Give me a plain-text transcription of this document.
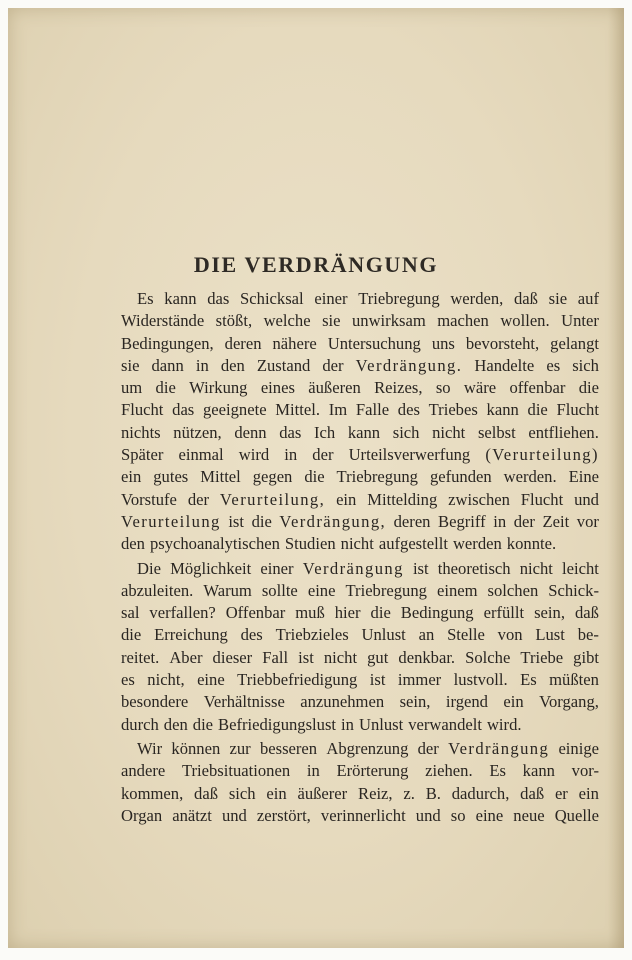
DIE VERDRÄNGUNG
Es kann das Schicksal einer Triebregung werden, daß sie auf
Widerstände stößt, welche sie unwirksam machen wollen. Unter
Bedingungen, deren nähere Untersuchung uns bevorsteht, gelangt
sie dann in den Zustand der Verdrängung. Handelte es sich
um die Wirkung eines äußeren Reizes, so wäre offenbar die
Flucht das geeignete Mittel. Im Falle des Triebes kann die Flucht
nichts nützen, denn das Ich kann sich nicht selbst entfliehen.
Später einmal wird in der Urteilsverwerfung (Verurteilung)
ein gutes Mittel gegen die Triebregung gefunden werden. Eine
Vorstufe der Verurteilung, ein Mittelding zwischen Flucht und
Verurteilung ist die Verdrängung, deren Begriff in der Zeit vor
den psychoanalytischen Studien nicht aufgestellt werden konnte.
Die Möglichkeit einer Verdrängung ist theoretisch nicht leicht
abzuleiten. Warum sollte eine Triebregung einem solchen Schick-
sal verfallen? Offenbar muß hier die Bedingung erfüllt sein, daß
die Erreichung des Triebzieles Unlust an Stelle von Lust be-
reitet. Aber dieser Fall ist nicht gut denkbar. Solche Triebe gibt
es nicht, eine Triebbefriedigung ist immer lustvoll. Es müßten
besondere Verhältnisse anzunehmen sein, irgend ein Vorgang,
durch den die Befriedigungslust in Unlust verwandelt wird.
Wir können zur besseren Abgrenzung der Verdrängung einige
andere Triebsituationen in Erörterung ziehen. Es kann vor-
kommen, daß sich ein äußerer Reiz, z. B. dadurch, daß er ein
Organ anätzt und zerstört, verinnerlicht und so eine neue Quelle
